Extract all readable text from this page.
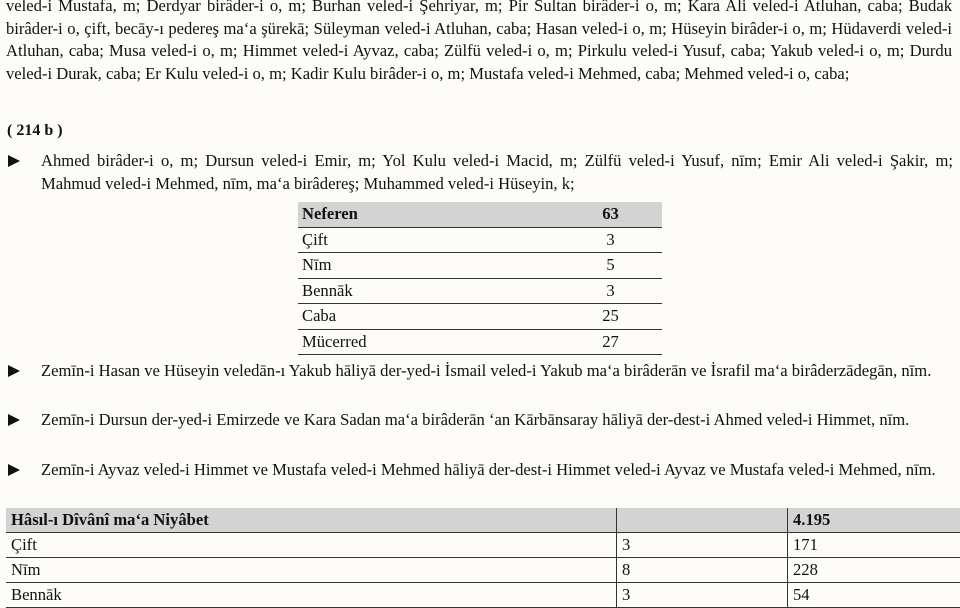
veled-i Mustafa, m; Derdyar birâder-i o, m; Burhan veled-i Şehriyar, m; Pir Sultan birâder-i o, m; Kara Ali veled-i Atluhan, caba; Budak birâder-i o, çift, becāy-ı pedereş ma‘a şürekā; Süleyman veled-i Atluhan, caba; Hasan veled-i o, m; Hüseyin birâder-i o, m; Hüdaverdi veled-i Atluhan, caba; Musa veled-i o, m; Himmet veled-i Ayvaz, caba; Zülfü veled-i o, m; Pirkulu veled-i Yusuf, caba; Yakub veled-i o, m; Durdu veled-i Durak, caba; Er Kulu veled-i o, m; Kadir Kulu birâder-i o, m; Mustafa veled-i Mehmed, caba; Mehmed veled-i o, caba;
( 214 b )
Ahmed birâder-i o, m; Dursun veled-i Emir, m; Yol Kulu veled-i Macid, m; Zülfü veled-i Yusuf, nīm; Emir Ali veled-i Şakir, m; Mahmud veled-i Mehmed, nīm, ma‘a birâdereş; Muhammed veled-i Hüseyin, k;
Neferen	63
Çift	3
Nīm	5
Bennāk	3
Caba	25
Mücerred	27
Zemīn-i Hasan ve Hüseyin veledān-ı Yakub hāliyā der-yed-i İsmail veled-i Yakub ma‘a birâderān ve İsrafil ma‘a birâderzādegān, nīm.
Zemīn-i Dursun der-yed-i Emirzede ve Kara Sadan ma‘a birâderān ‘an Kārbānsaray hāliyā der-dest-i Ahmed veled-i Himmet, nīm.
Zemīn-i Ayvaz veled-i Himmet ve Mustafa veled-i Mehmed hāliyā der-dest-i Himmet veled-i Ayvaz ve Mustafa veled-i Mehmed, nīm.
Hâsıl-ı Dîvânî ma‘a Niyâbet		4.195
Çift	3	171
Nīm	8	228
Bennāk	3	54
